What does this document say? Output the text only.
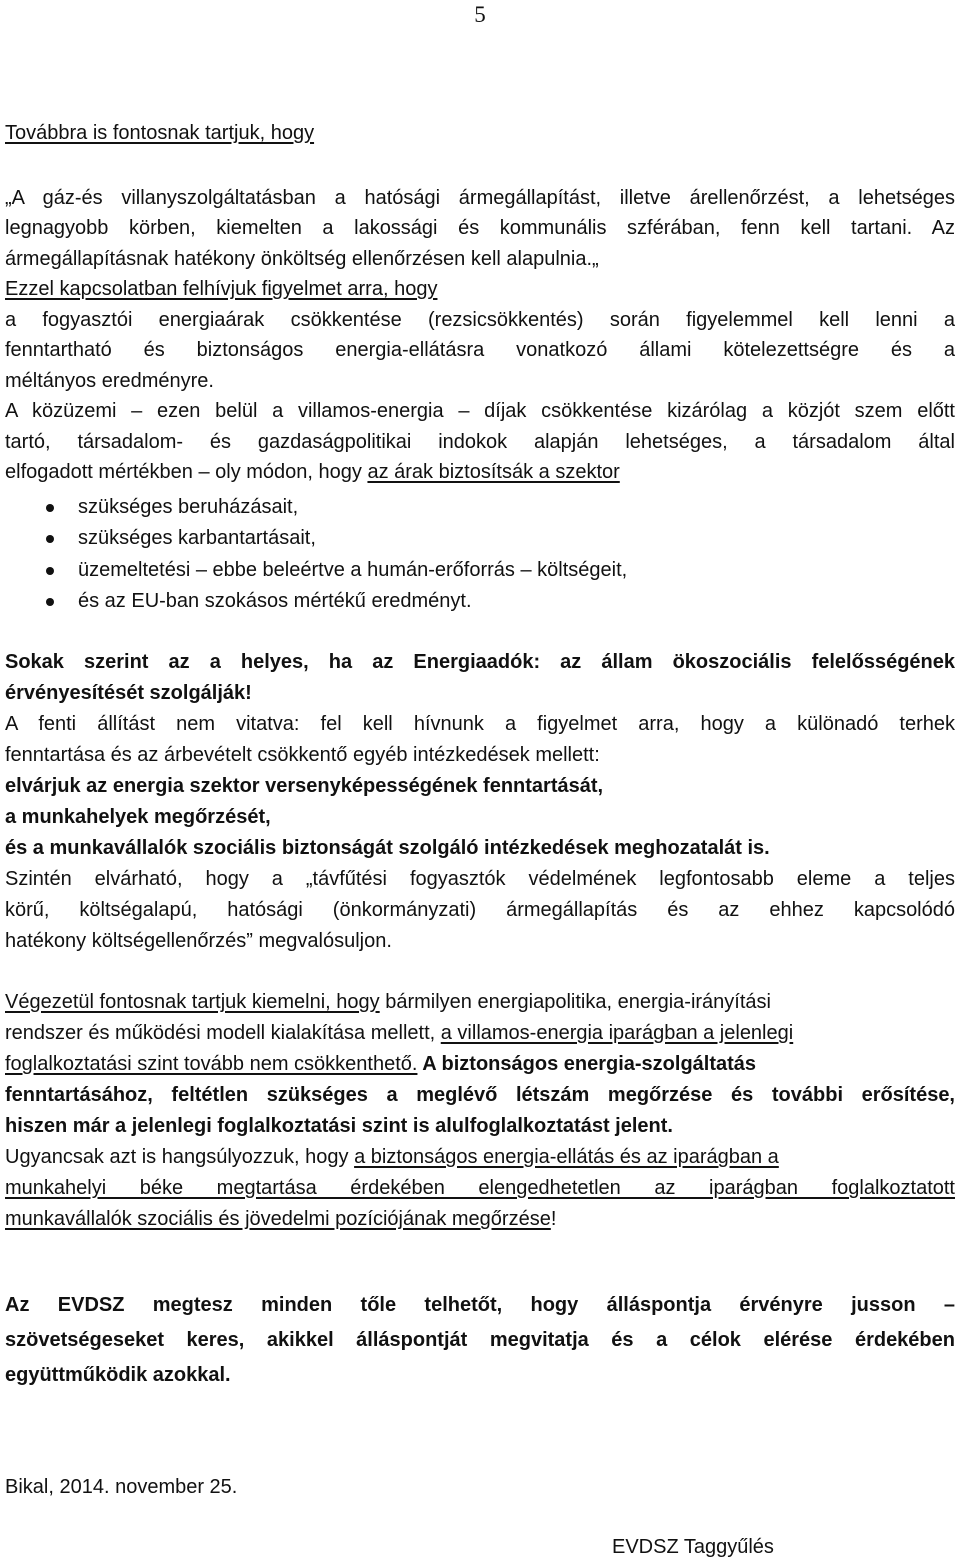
5
Továbbra is fontosnak tartjuk, hogy
„A gáz-és villanyszolgáltatásban a hatósági ármegállapítást, illetve árellenőrzést, a lehetséges
legnagyobb körben, kiemelten a lakossági és kommunális szférában, fenn kell tartani. Az
ármegállapításnak hatékony önköltség ellenőrzésen kell alapulnia.„
Ezzel kapcsolatban felhívjuk figyelmet arra, hogy
a fogyasztói energiaárak csökkentése (rezsicsökkentés) során figyelemmel kell lenni a
fenntartható és biztonságos energia-ellátásra vonatkozó állami kötelezettségre és a
méltányos eredményre.
A közüzemi – ezen belül a villamos-energia – díjak csökkentése kizárólag a közjót szem előtt
tartó, társadalom- és gazdaságpolitikai indokok alapján lehetséges, a társadalom által
elfogadott mértékben – oly módon, hogy az árak biztosítsák a szektor
szükséges beruházásait,
szükséges karbantartásait,
üzemeltetési – ebbe beleértve a humán-erőforrás – költségeit,
és az EU-ban szokásos mértékű eredményt.
Sokak szerint az a helyes, ha az Energiaadók: az állam ökoszociális felelősségének
érvényesítését szolgálják!
A fenti állítást nem vitatva: fel kell hívnunk a figyelmet arra, hogy a különadó terhek
fenntartása és az árbevételt csökkentő egyéb intézkedések mellett:
elvárjuk az energia szektor versenyképességének fenntartását,
a munkahelyek megőrzését,
és a munkavállalók szociális biztonságát szolgáló intézkedések meghozatalát is.
Szintén elvárható, hogy a „távfűtési fogyasztók védelmének legfontosabb eleme a teljes
körű, költségalapú, hatósági (önkormányzati) ármegállapítás és az ehhez kapcsolódó
hatékony költségellenőrzés” megvalósuljon.
Végezetül fontosnak tartjuk kiemelni, hogy bármilyen energiapolitika, energia-irányítási
rendszer és működési modell kialakítása mellett, a villamos-energia iparágban a jelenlegi
foglalkoztatási szint tovább nem csökkenthető. A biztonságos energia-szolgáltatás
fenntartásához, feltétlen szükséges a meglévő létszám megőrzése és további erősítése,
hiszen már a jelenlegi foglalkoztatási szint is alulfoglalkoztatást jelent.
Ugyancsak azt is hangsúlyozzuk, hogy a biztonságos energia-ellátás és az iparágban a
munkahelyi béke megtartása érdekében elengedhetetlen az iparágban foglalkoztatott
munkavállalók szociális és jövedelmi pozíciójának megőrzése!
Az EVDSZ megtesz minden tőle telhetőt, hogy álláspontja érvényre jusson –
szövetségeseket keres, akikkel álláspontját megvitatja és a célok elérése érdekében
együttműködik azokkal.
Bikal, 2014. november 25.
EVDSZ Taggyűlés
